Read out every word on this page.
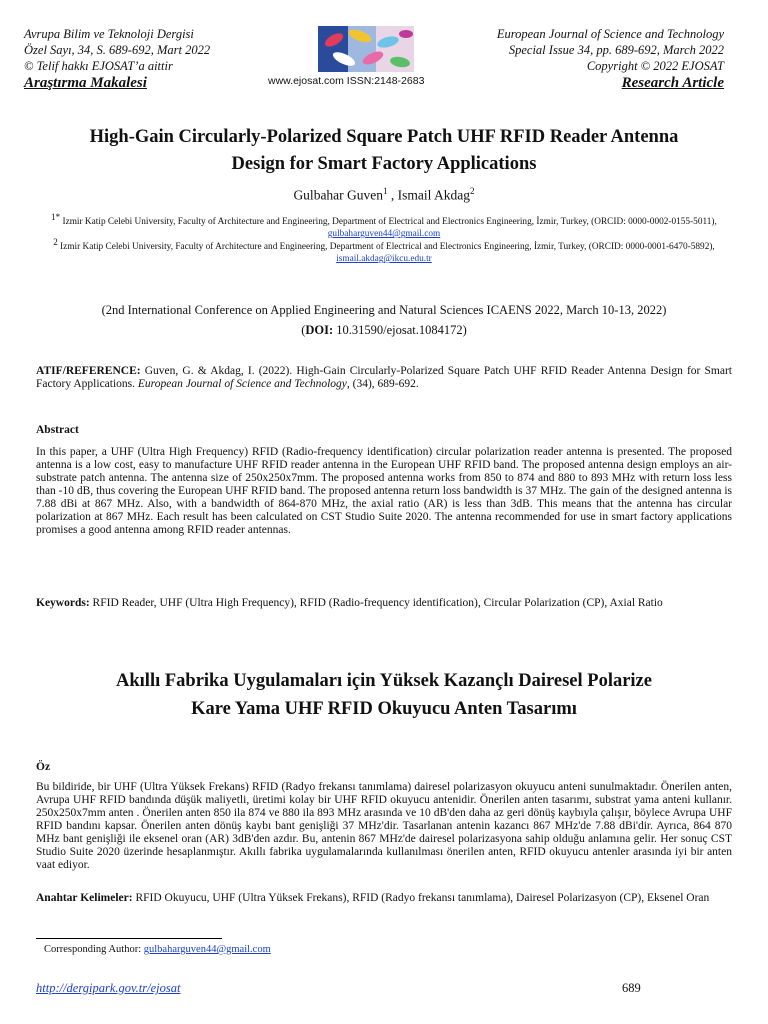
Avrupa Bilim ve Teknoloji Dergisi
Özel Sayı, 34, S. 689-692, Mart 2022
© Telif hakkı EJOSAT’a aittir
Araştırma Makalesi	www.ejosat.com ISSN:2148-2683
European Journal of Science and Technology
Special Issue 34, pp. 689-692, March 2022
Copyright © 2022 EJOSAT
Research Article
High-Gain Circularly-Polarized Square Patch UHF RFID Reader Antenna
Design for Smart Factory Applications
Gulbahar Guven$^1$ , Ismail Akdag$^2$
$^{1*}$ Izmir Katip Celebi University, Faculty of Architecture and Engineering, Department of Electrical and Electronics Engineering, İzmir, Turkey, (ORCID: 0000-0002-0155-5011), gulbaharguven44@gmail.com
$^2$ Izmir Katip Celebi University, Faculty of Architecture and Engineering, Department of Electrical and Electronics Engineering, İzmir, Turkey, (ORCID: 0000-0001-6470-5892), ismail.akdag@ikcu.edu.tr
(2nd International Conference on Applied Engineering and Natural Sciences ICAENS 2022, March 10-13, 2022)
(DOI: 10.31590/ejosat.1084172)
ATIF/REFERENCE: Guven, G. & Akdag, I. (2022). High-Gain Circularly-Polarized Square Patch UHF RFID Reader Antenna Design for Smart Factory Applications. European Journal of Science and Technology, (34), 689-692.
Abstract
In this paper, a UHF (Ultra High Frequency) RFID (Radio-frequency identification) circular polarization reader antenna is presented. The proposed antenna is a low cost, easy to manufacture UHF RFID reader antenna in the European UHF RFID band. The proposed antenna design employs an air-substrate patch antenna. The antenna size of 250x250x7mm. The proposed antenna works from 850 to 874 and 880 to 893 MHz with return loss less than -10 dB, thus covering the European UHF RFID band. The proposed antenna return loss bandwidth is 37 MHz. The gain of the designed antenna is 7.88 dBi at 867 MHz. Also, with a bandwidth of 864-870 MHz, the axial ratio (AR) is less than 3dB. This means that the antenna has circular polarization at 867 MHz. Each result has been calculated on CST Studio Suite 2020. The antenna recommended for use in smart factory applications promises a good antenna among RFID reader antennas.
Keywords: RFID Reader, UHF (Ultra High Frequency), RFID (Radio-frequency identification), Circular Polarization (CP), Axial Ratio
Akıllı Fabrika Uygulamaları için Yüksek Kazançlı Dairesel Polarize
Kare Yama UHF RFID Okuyucu Anten Tasarımı
Öz
Bu bildiride, bir UHF (Ultra Yüksek Frekans) RFID (Radyo frekansı tanımlama) dairesel polarizasyon okuyucu anteni sunulmaktadır. Önerilen anten, Avrupa UHF RFID bandında düşük maliyetli, üretimi kolay bir UHF RFID okuyucu antenidir. Önerilen anten tasarımı, substrat yama anteni kullanır. 250x250x7mm anten . Önerilen anten 850 ila 874 ve 880 ila 893 MHz arasında ve 10 dB'den daha az geri dönüş kaybıyla çalışır, böylece Avrupa UHF RFID bandını kapsar. Önerilen anten dönüş kaybı bant genişliği 37 MHz'dir. Tasarlanan antenin kazancı 867 MHz'de 7.88 dBi'dir. Ayrıca, 864 870 MHz bant genişliği ile eksenel oran (AR) 3dB'den azdır. Bu, antenin 867 MHz'de dairesel polarizasyona sahip olduğu anlamına gelir. Her sonuç CST Studio Suite 2020 üzerinde hesaplanmıştır. Akıllı fabrika uygulamalarında kullanılması önerilen anten, RFID okuyucu antenler arasında iyi bir anten vaat ediyor.
Anahtar Kelimeler: RFID Okuyucu, UHF (Ultra Yüksek Frekans), RFID (Radyo frekansı tanımlama), Dairesel Polarizasyon (CP), Eksenel Oran
Corresponding Author: gulbaharguven44@gmail.com
http://dergipark.gov.tr/ejosat	689
